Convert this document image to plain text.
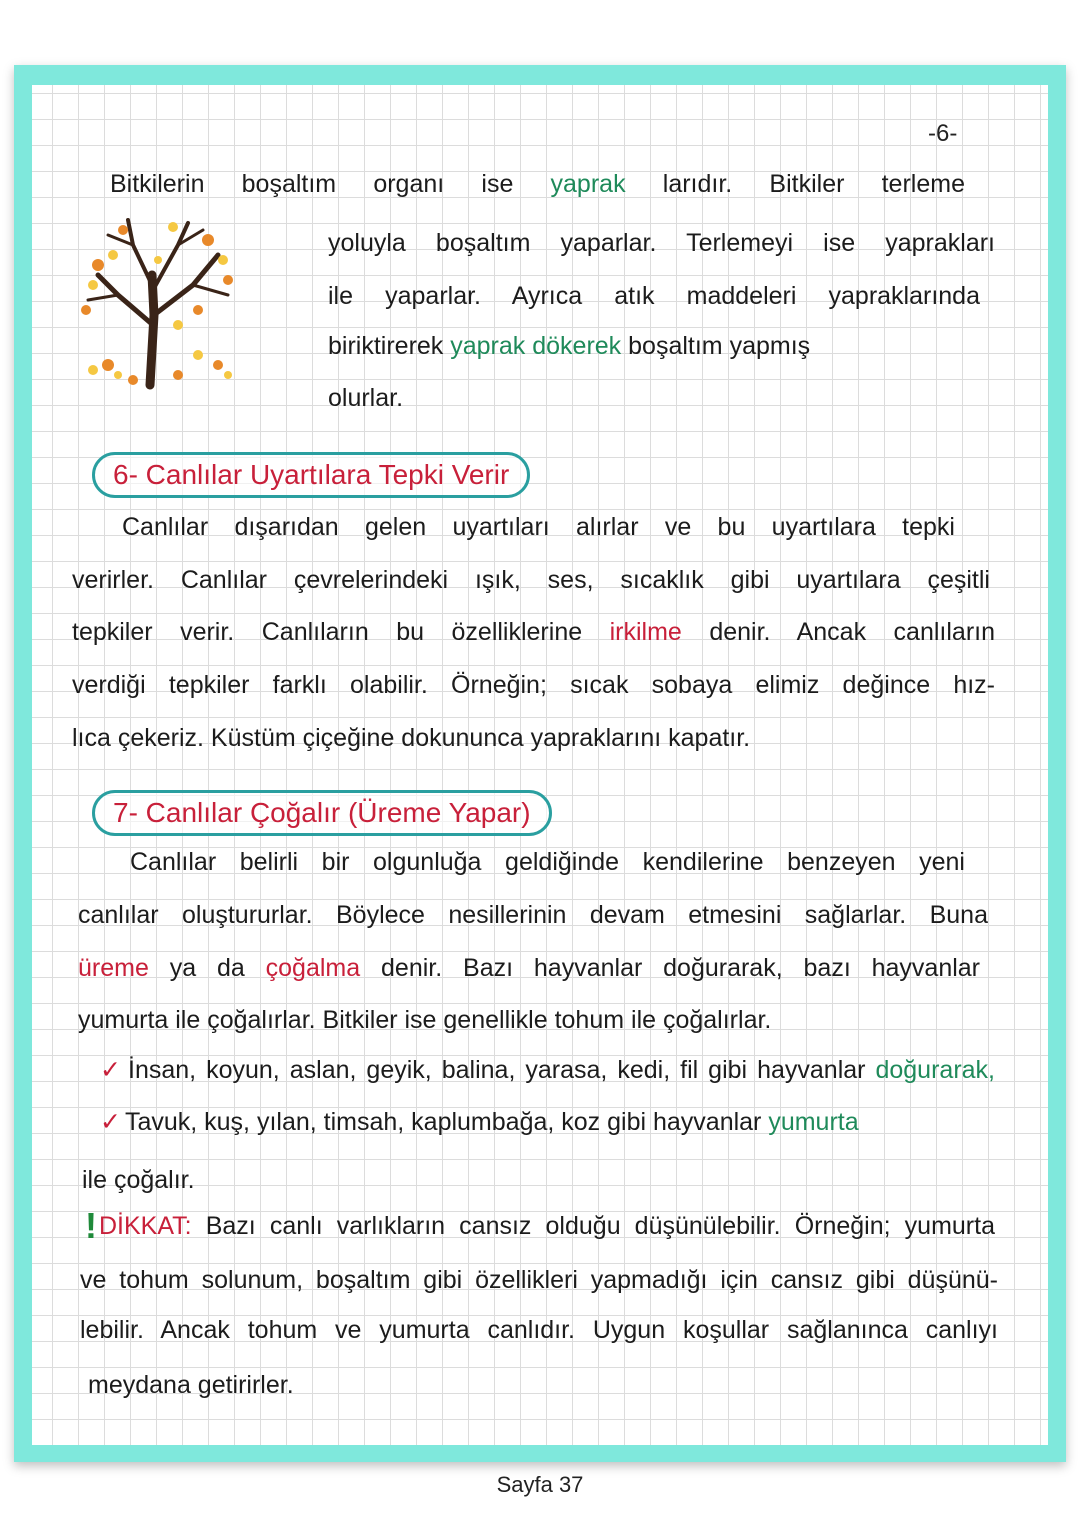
-6-
6- Canlılar Uyartılara Tepki Verir
7- Canlılar Çoğalır (Üreme Yapar)
Bitkilerin boşaltım organı ise yaprak larıdır. Bitkiler terleme
yoluyla boşaltım yaparlar. Terlemeyi ise yaprakları
ile yaparlar. Ayrıca atık maddeleri yapraklarında
biriktirerek yaprak dökerek boşaltım yapmış
olurlar.
Canlılar dışarıdan gelen uyartıları alırlar ve bu uyartılara tepki
verirler. Canlılar çevrelerindeki ışık, ses, sıcaklık gibi uyartılara çeşitli
tepkiler verir. Canlıların bu özelliklerine irkilme denir. Ancak canlıların
verdiği tepkiler farklı olabilir. Örneğin; sıcak sobaya elimiz değince hız-
lıca çekeriz. Küstüm çiçeğine dokununca yapraklarını kapatır.
Canlılar belirli bir olgunluğa geldiğinde kendilerine benzeyen yeni
canlılar oluştururlar. Böylece nesillerinin devam etmesini sağlarlar. Buna
üreme ya da çoğalma denir. Bazı hayvanlar doğurarak, bazı hayvanlar
yumurta ile çoğalırlar. Bitkiler ise genellikle tohum ile çoğalırlar.
✓ İnsan, koyun, aslan, geyik, balina, yarasa, kedi, fil gibi hayvanlar doğurarak,
✓ Tavuk, kuş, yılan, timsah, kaplumbağa, koz gibi hayvanlar yumurta
ile çoğalır.
!DİKKAT: Bazı canlı varlıkların cansız olduğu düşünülebilir. Örneğin; yumurta
ve tohum solunum, boşaltım gibi özellikleri yapmadığı için cansız gibi düşünü-
lebilir. Ancak tohum ve yumurta canlıdır. Uygun koşullar sağlanınca canlıyı
meydana getirirler.
Sayfa 37
